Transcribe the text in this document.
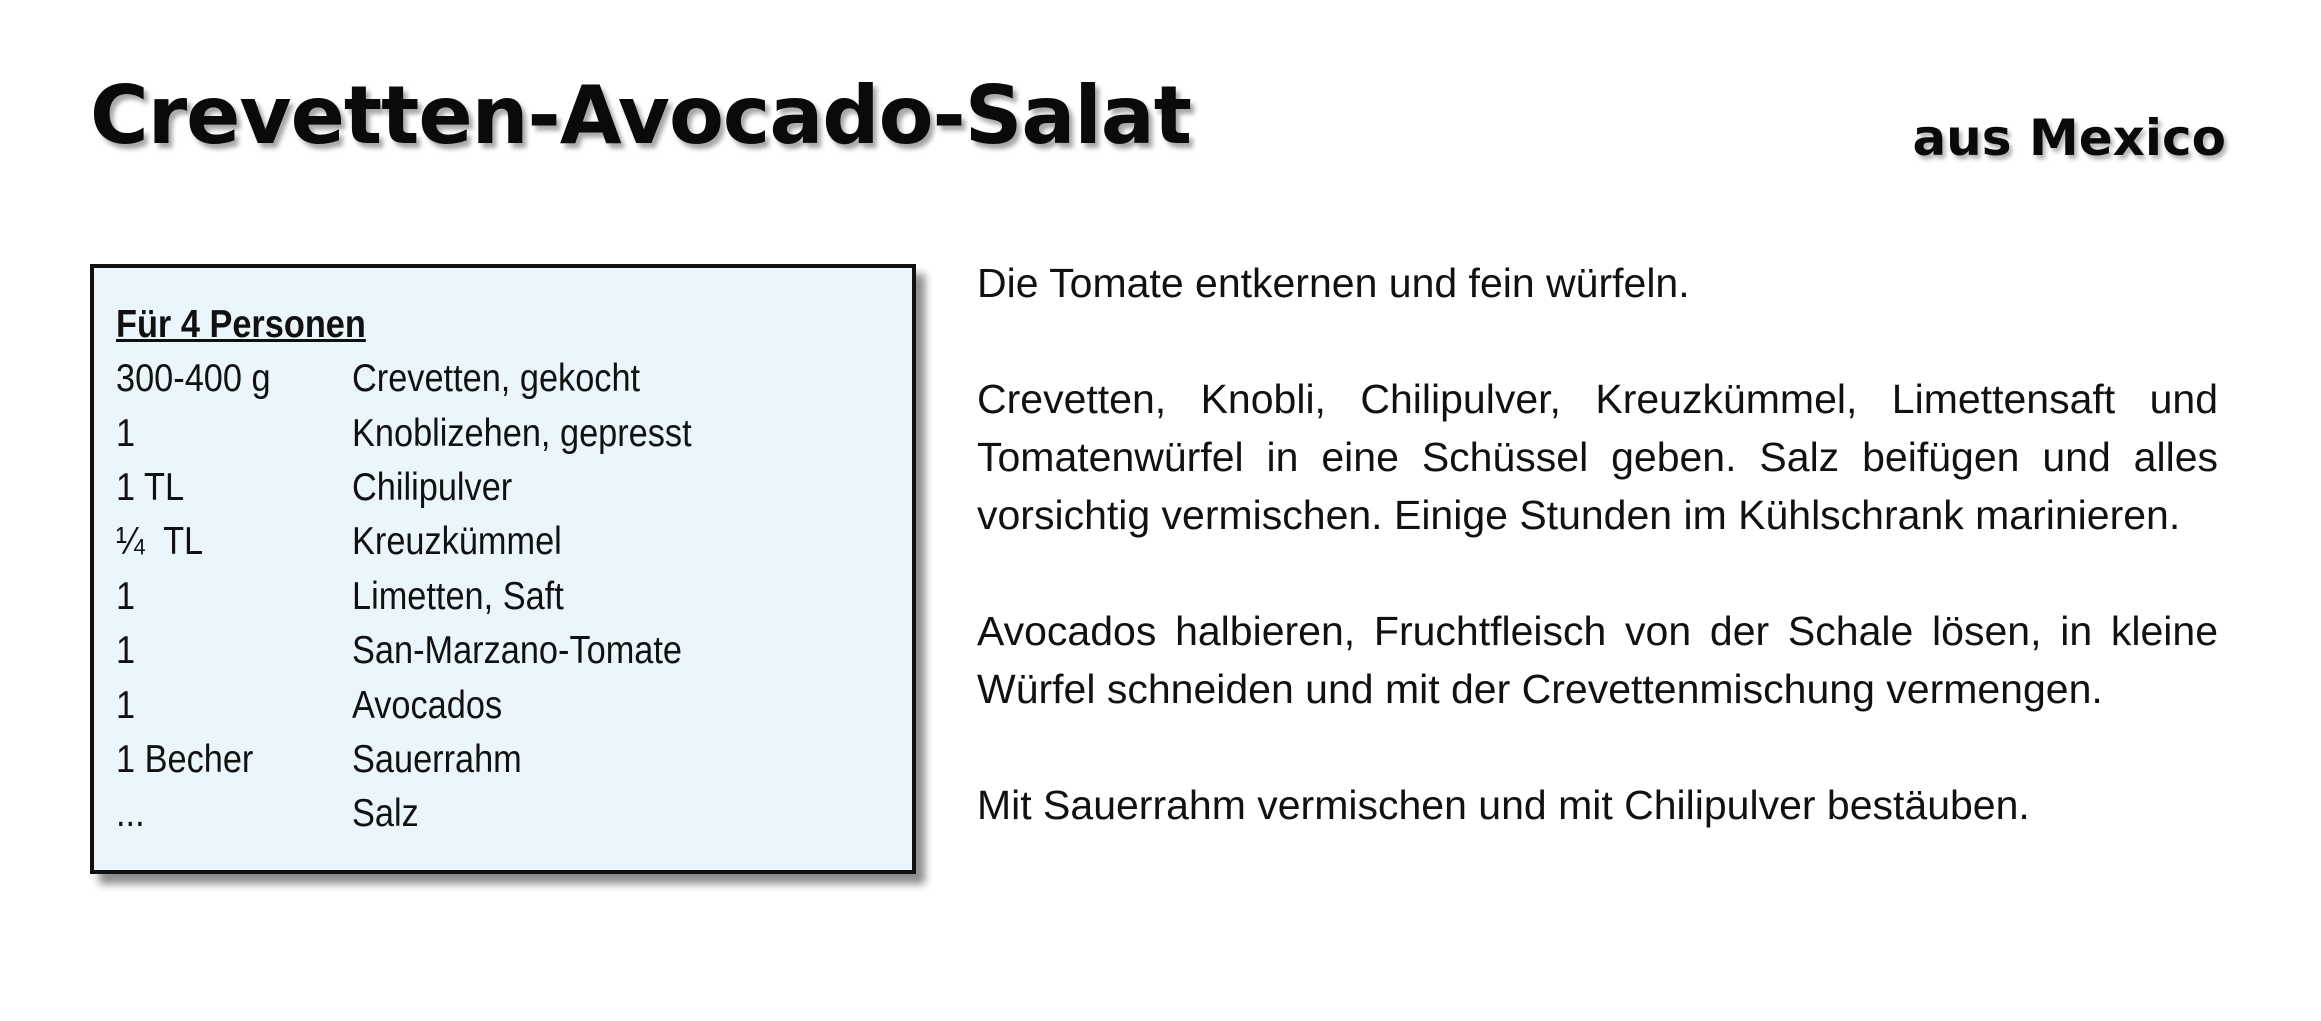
Crevetten-Avocado-Salat	aus Mexico
Für 4 Personen
300-400 g	Crevetten, gekocht
1	Knoblizehen, gepresst
1 TL	Chilipulver
¼  TL	Kreuzkümmel
1	Limetten, Saft
1	San-Marzano-Tomate
1	Avocados
1 Becher	Sauerrahm
...	Salz

Die Tomate entkernen und fein würfeln.

Crevetten, Knobli, Chilipulver, Kreuzkümmel, Limettensaft und Tomatenwürfel in eine Schüssel geben. Salz beifügen und alles vorsichtig vermischen. Einige Stunden im Kühlschrank marinieren.

Avocados halbieren, Fruchtfleisch von der Schale lösen, in kleine Würfel schneiden und mit der Crevettenmischung vermengen.

Mit Sauerrahm vermischen und mit Chilipulver bestäuben.
